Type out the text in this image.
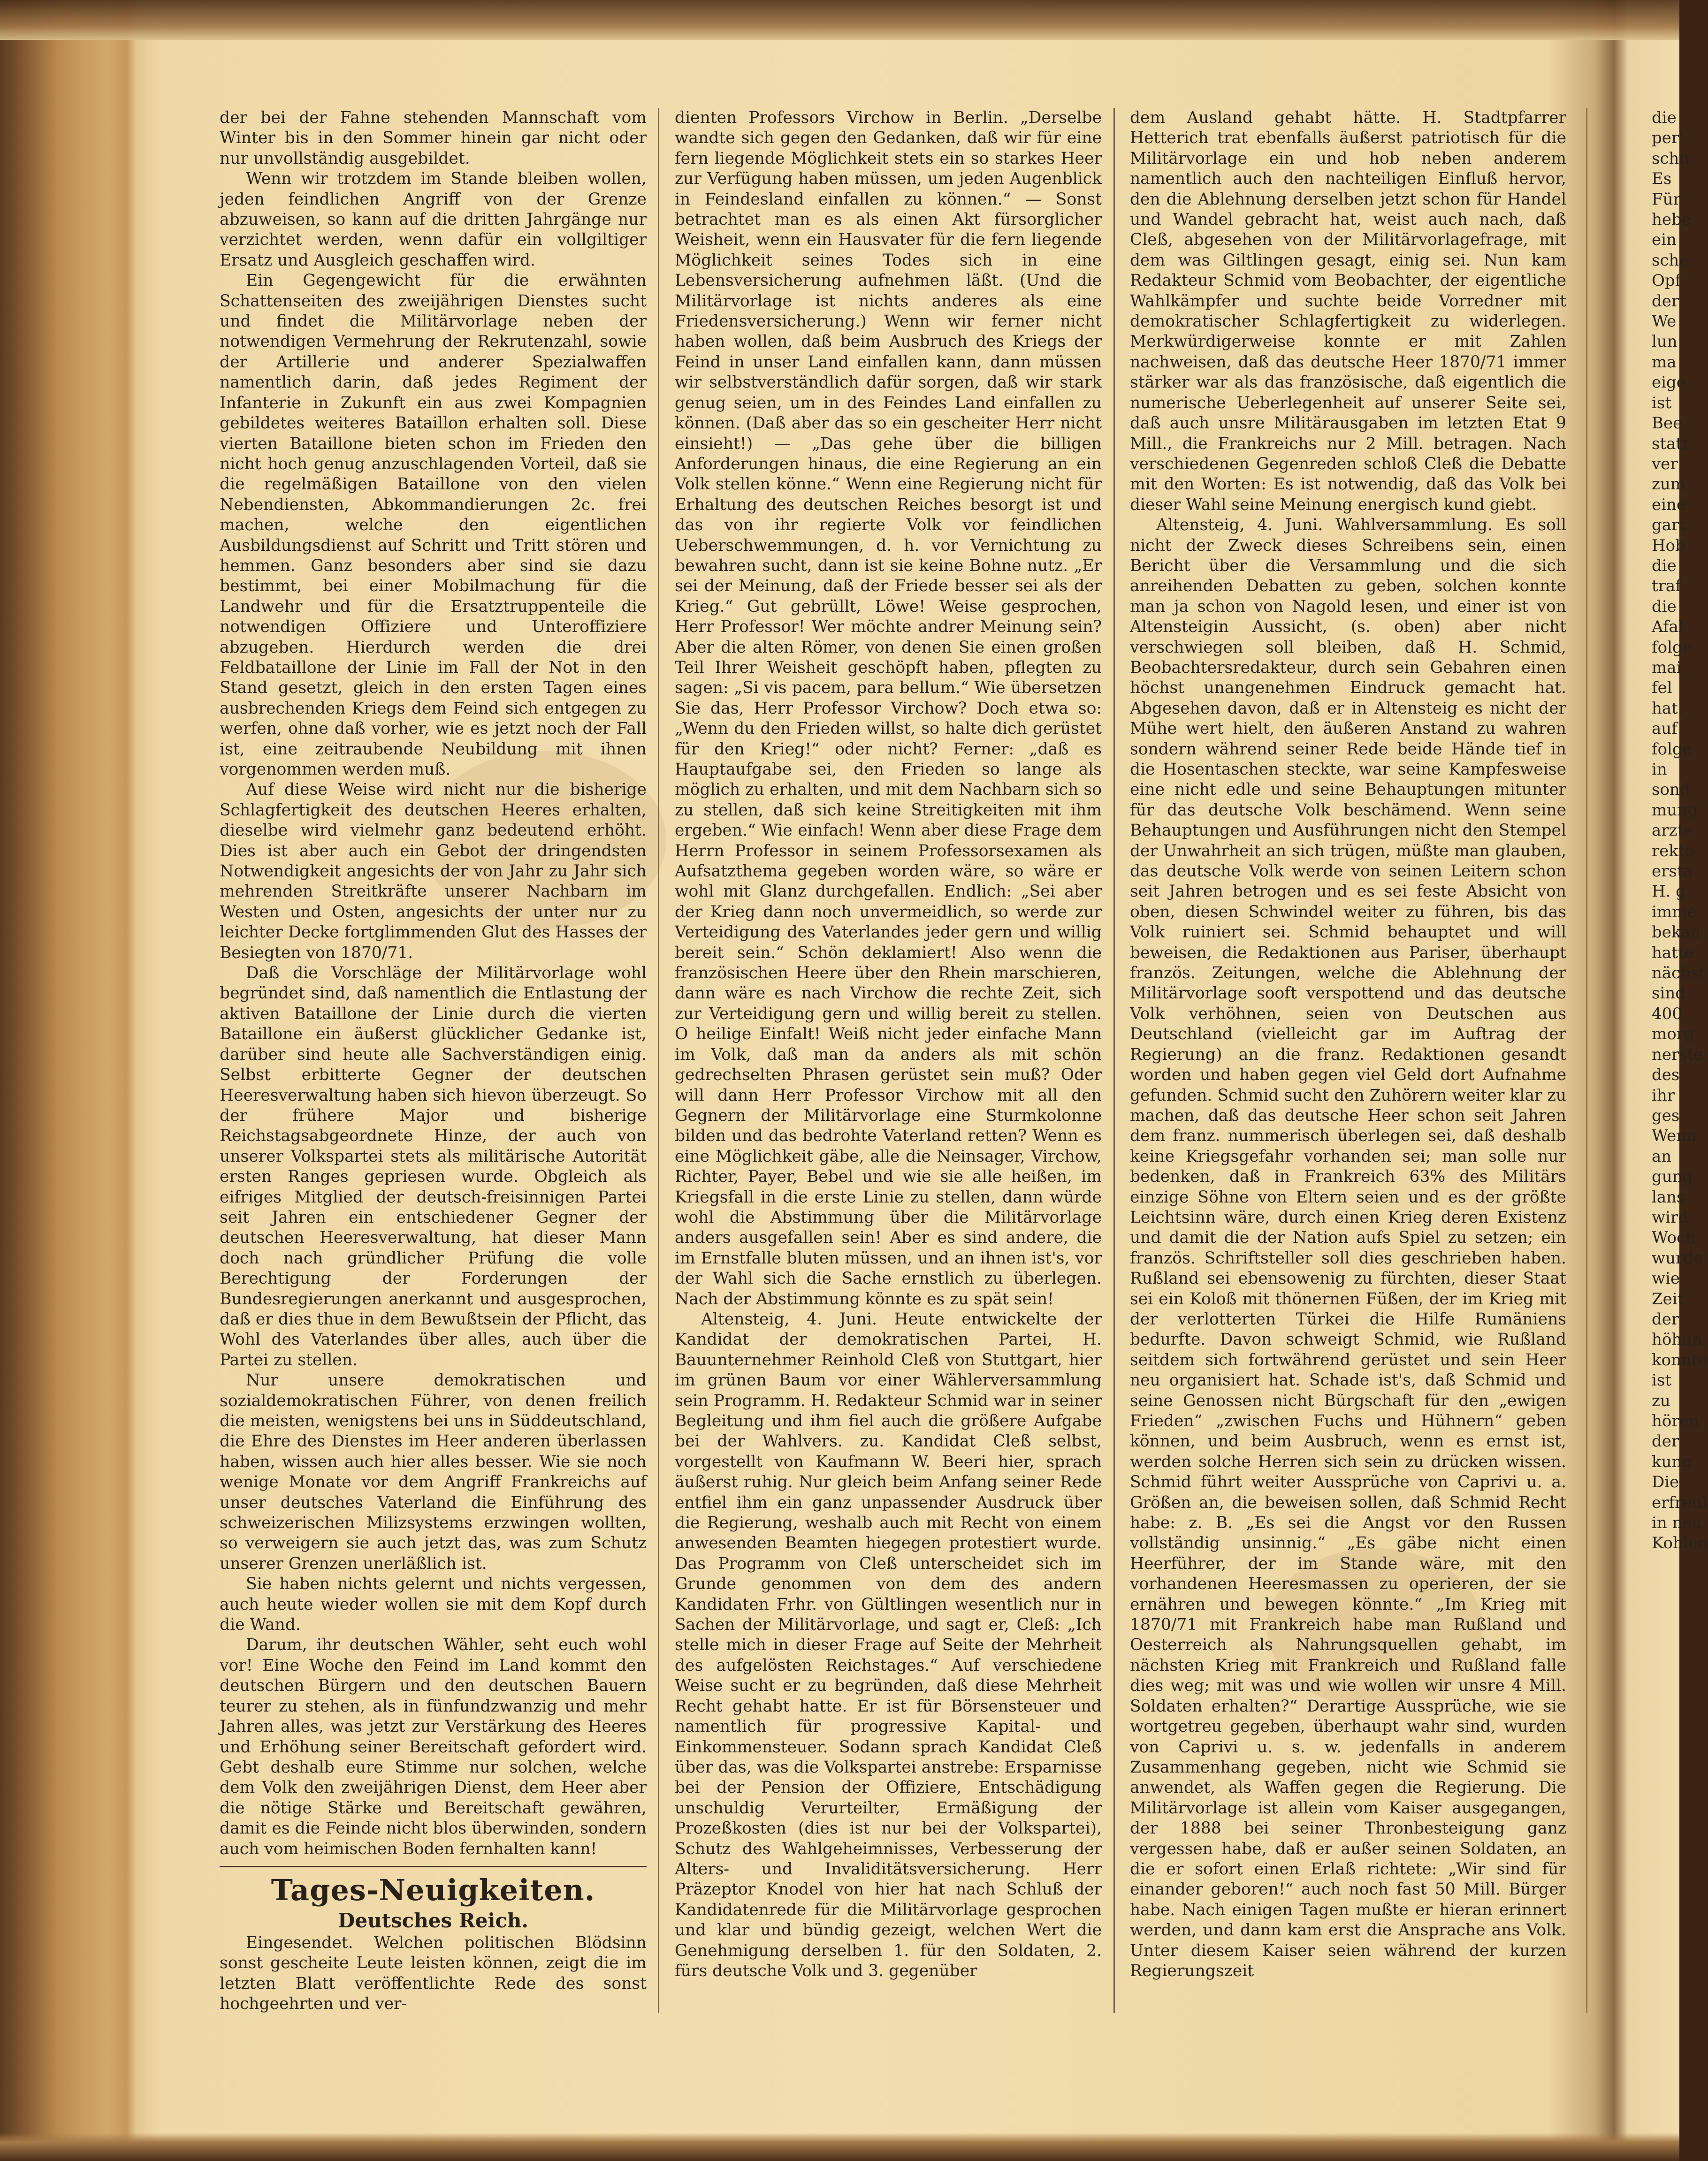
der bei der Fahne stehenden Mannschaft vom Winter bis in den Sommer hinein gar nicht oder nur unvollständig ausgebildet.

Wenn wir trotzdem im Stande bleiben wollen, jeden feindlichen Angriff von der Grenze abzuweisen, so kann auf die dritten Jahrgänge nur verzichtet werden, wenn dafür ein vollgiltiger Ersatz und Ausgleich geschaffen wird.

Ein Gegengewicht für die erwähnten Schattenseiten des zweijährigen Dienstes sucht und findet die Militärvorlage neben der notwendigen Vermehrung der Rekrutenzahl, sowie der Artillerie und anderer Spezialwaffen namentlich darin, daß jedes Regiment der Infanterie in Zukunft ein aus zwei Kompagnien gebildetes weiteres Bataillon erhalten soll. Diese vierten Bataillone bieten schon im Frieden den nicht hoch genug anzuschlagenden Vorteil, daß sie die regelmäßigen Bataillone von den vielen Nebendiensten, Abkommandierungen 2c. frei machen, welche den eigentlichen Ausbildungsdienst auf Schritt und Tritt stören und hemmen. Ganz besonders aber sind sie dazu bestimmt, bei einer Mobilmachung für die Landwehr und für die Ersatztruppenteile die notwendigen Offiziere und Unteroffiziere abzugeben. Hierdurch werden die drei Feldbataillone der Linie im Fall der Not in den Stand gesetzt, gleich in den ersten Tagen eines ausbrechenden Kriegs dem Feind sich entgegen zu werfen, ohne daß vorher, wie es jetzt noch der Fall ist, eine zeitraubende Neubildung mit ihnen vorgenommen werden muß.

Auf diese Weise wird nicht nur die bisherige Schlagfertigkeit des deutschen Heeres erhalten, dieselbe wird vielmehr ganz bedeutend erhöht. Dies ist aber auch ein Gebot der dringendsten Notwendigkeit angesichts der von Jahr zu Jahr sich mehrenden Streitkräfte unserer Nachbarn im Westen und Osten, angesichts der unter nur zu leichter Decke fortglimmenden Glut des Hasses der Besiegten von 1870/71.

Daß die Vorschläge der Militärvorlage wohl begründet sind, daß namentlich die Entlastung der aktiven Bataillone der Linie durch die vierten Bataillone ein äußerst glücklicher Gedanke ist, darüber sind heute alle Sachverständigen einig. Selbst erbitterte Gegner der deutschen Heeresverwaltung haben sich hievon überzeugt. So der frühere Major und bisherige Reichstagsabgeordnete Hinze, der auch von unserer Volkspartei stets als militärische Autorität ersten Ranges gepriesen wurde. Obgleich als eifriges Mitglied der deutsch-freisinnigen Partei seit Jahren ein entschiedener Gegner der deutschen Heeresverwaltung, hat dieser Mann doch nach gründlicher Prüfung die volle Berechtigung der Forderungen der Bundesregierungen anerkannt und ausgesprochen, daß er dies thue in dem Bewußtsein der Pflicht, das Wohl des Vaterlandes über alles, auch über die Partei zu stellen.

Nur unsere demokratischen und sozialdemokratischen Führer, von denen freilich die meisten, wenigstens bei uns in Süddeutschland, die Ehre des Dienstes im Heer anderen überlassen haben, wissen auch hier alles besser. Wie sie noch wenige Monate vor dem Angriff Frankreichs auf unser deutsches Vaterland die Einführung des schweizerischen Milizsystems erzwingen wollten, so verweigern sie auch jetzt das, was zum Schutz unserer Grenzen unerläßlich ist.

Sie haben nichts gelernt und nichts vergessen, auch heute wieder wollen sie mit dem Kopf durch die Wand.

Darum, ihr deutschen Wähler, seht euch wohl vor! Eine Woche den Feind im Land kommt den deutschen Bürgern und den deutschen Bauern teurer zu stehen, als in fünfundzwanzig und mehr Jahren alles, was jetzt zur Verstärkung des Heeres und Erhöhung seiner Bereitschaft gefordert wird. Gebt deshalb eure Stimme nur solchen, welche dem Volk den zweijährigen Dienst, dem Heer aber die nötige Stärke und Bereitschaft gewähren, damit es die Feinde nicht blos überwinden, sondern auch vom heimischen Boden fernhalten kann!

Tages-Neuigkeiten.

Deutsches Reich.

Eingesendet. Welchen politischen Blödsinn sonst gescheite Leute leisten können, zeigt die im letzten Blatt veröffentlichte Rede des sonst hochgeehrten und ver-

dienten Professors Virchow in Berlin. „Derselbe wandte sich gegen den Gedanken, daß wir für eine fern liegende Möglichkeit stets ein so starkes Heer zur Verfügung haben müssen, um jeden Augenblick in Feindesland einfallen zu können.“ — Sonst betrachtet man es als einen Akt fürsorglicher Weisheit, wenn ein Hausvater für die fern liegende Möglichkeit seines Todes sich in eine Lebensversicherung aufnehmen läßt. (Und die Militärvorlage ist nichts anderes als eine Friedensversicherung.) Wenn wir ferner nicht haben wollen, daß beim Ausbruch des Kriegs der Feind in unser Land einfallen kann, dann müssen wir selbstverständlich dafür sorgen, daß wir stark genug seien, um in des Feindes Land einfallen zu können. (Daß aber das so ein gescheiter Herr nicht einsieht!) — „Das gehe über die billigen Anforderungen hinaus, die eine Regierung an ein Volk stellen könne.“ Wenn eine Regierung nicht für Erhaltung des deutschen Reiches besorgt ist und das von ihr regierte Volk vor feindlichen Ueberschwemmungen, d. h. vor Vernichtung zu bewahren sucht, dann ist sie keine Bohne nutz. „Er sei der Meinung, daß der Friede besser sei als der Krieg.“ Gut gebrüllt, Löwe! Weise gesprochen, Herr Professor! Wer möchte andrer Meinung sein? Aber die alten Römer, von denen Sie einen großen Teil Ihrer Weisheit geschöpft haben, pflegten zu sagen: „Si vis pacem, para bellum.“ Wie übersetzen Sie das, Herr Professor Virchow? Doch etwa so: „Wenn du den Frieden willst, so halte dich gerüstet für den Krieg!“ oder nicht? Ferner: „daß es Hauptaufgabe sei, den Frieden so lange als möglich zu erhalten, und mit dem Nachbarn sich so zu stellen, daß sich keine Streitigkeiten mit ihm ergeben.“ Wie einfach! Wenn aber diese Frage dem Herrn Professor in seinem Professorsexamen als Aufsatzthema gegeben worden wäre, so wäre er wohl mit Glanz durchgefallen. Endlich: „Sei aber der Krieg dann noch unvermeidlich, so werde zur Verteidigung des Vaterlandes jeder gern und willig bereit sein.“ Schön deklamiert! Also wenn die französischen Heere über den Rhein marschieren, dann wäre es nach Virchow die rechte Zeit, sich zur Verteidigung gern und willig bereit zu stellen. O heilige Einfalt! Weiß nicht jeder einfache Mann im Volk, daß man da anders als mit schön gedrechselten Phrasen gerüstet sein muß? Oder will dann Herr Professor Virchow mit all den Gegnern der Militärvorlage eine Sturmkolonne bilden und das bedrohte Vaterland retten? Wenn es eine Möglichkeit gäbe, alle die Neinsager, Virchow, Richter, Payer, Bebel und wie sie alle heißen, im Kriegsfall in die erste Linie zu stellen, dann würde wohl die Abstimmung über die Militärvorlage anders ausgefallen sein! Aber es sind andere, die im Ernstfalle bluten müssen, und an ihnen ist's, vor der Wahl sich die Sache ernstlich zu überlegen. Nach der Abstimmung könnte es zu spät sein!

Altensteig, 4. Juni. Heute entwickelte der Kandidat der demokratischen Partei, H. Bauunternehmer Reinhold Cleß von Stuttgart, hier im grünen Baum vor einer Wählerversammlung sein Programm. H. Redakteur Schmid war in seiner Begleitung und ihm fiel auch die größere Aufgabe bei der Wahlvers. zu. Kandidat Cleß selbst, vorgestellt von Kaufmann W. Beeri hier, sprach äußerst ruhig. Nur gleich beim Anfang seiner Rede entfiel ihm ein ganz unpassender Ausdruck über die Regierung, weshalb auch mit Recht von einem anwesenden Beamten hiegegen protestiert wurde. Das Programm von Cleß unterscheidet sich im Grunde genommen von dem des andern Kandidaten Frhr. von Gültlingen wesentlich nur in Sachen der Militärvorlage, und sagt er, Cleß: „Ich stelle mich in dieser Frage auf Seite der Mehrheit des aufgelösten Reichstages.“ Auf verschiedene Weise sucht er zu begründen, daß diese Mehrheit Recht gehabt hatte. Er ist für Börsensteuer und namentlich für progressive Kapital- und Einkommensteuer. Sodann sprach Kandidat Cleß über das, was die Volkspartei anstrebe: Ersparnisse bei der Pension der Offiziere, Entschädigung unschuldig Verurteilter, Ermäßigung der Prozeßkosten (dies ist nur bei der Volkspartei), Schutz des Wahlgeheimnisses, Verbesserung der Alters- und Invaliditätsversicherung. Herr Präzeptor Knodel von hier hat nach Schluß der Kandidatenrede für die Militärvorlage gesprochen und klar und bündig gezeigt, welchen Wert die Genehmigung derselben 1. für den Soldaten, 2. fürs deutsche Volk und 3. gegenüber

dem Ausland gehabt hätte. H. Stadtpfarrer Hetterich trat ebenfalls äußerst patriotisch für die Militärvorlage ein und hob neben anderem namentlich auch den nachteiligen Einfluß hervor, den die Ablehnung derselben jetzt schon für Handel und Wandel gebracht hat, weist auch nach, daß Cleß, abgesehen von der Militärvorlagefrage, mit dem was Giltlingen gesagt, einig sei. Nun kam Redakteur Schmid vom Beobachter, der eigentliche Wahlkämpfer und suchte beide Vorredner mit demokratischer Schlagfertigkeit zu widerlegen. Merkwürdigerweise konnte er mit Zahlen nachweisen, daß das deutsche Heer 1870/71 immer stärker war als das französische, daß eigentlich die numerische Ueberlegenheit auf unserer Seite sei, daß auch unsre Militärausgaben im letzten Etat 9 Mill., die Frankreichs nur 2 Mill. betragen. Nach verschiedenen Gegenreden schloß Cleß die Debatte mit den Worten: Es ist notwendig, daß das Volk bei dieser Wahl seine Meinung energisch kund giebt.

Altensteig, 4. Juni. Wahlversammlung. Es soll nicht der Zweck dieses Schreibens sein, einen Bericht über die Versammlung und die sich anreihenden Debatten zu geben, solchen konnte man ja schon von Nagold lesen, und einer ist von Altensteigin Aussicht, (s. oben) aber nicht verschwiegen soll bleiben, daß H. Schmid, Beobachtersredakteur, durch sein Gebahren einen höchst unangenehmen Eindruck gemacht hat. Abgesehen davon, daß er in Altensteig es nicht der Mühe wert hielt, den äußeren Anstand zu wahren sondern während seiner Rede beide Hände tief in die Hosentaschen steckte, war seine Kampfesweise eine nicht edle und seine Behauptungen mitunter für das deutsche Volk beschämend. Wenn seine Behauptungen und Ausführungen nicht den Stempel der Unwahrheit an sich trügen, müßte man glauben, das deutsche Volk werde von seinen Leitern schon seit Jahren betrogen und es sei feste Absicht von oben, diesen Schwindel weiter zu führen, bis das Volk ruiniert sei. Schmid behauptet und will beweisen, die Redaktionen aus Pariser, überhaupt französ. Zeitungen, welche die Ablehnung der Militärvorlage sooft verspottend und das deutsche Volk verhöhnen, seien von Deutschen aus Deutschland (vielleicht gar im Auftrag der Regierung) an die franz. Redaktionen gesandt worden und haben gegen viel Geld dort Aufnahme gefunden. Schmid sucht den Zuhörern weiter klar zu machen, daß das deutsche Heer schon seit Jahren dem franz. nummerisch überlegen sei, daß deshalb keine Kriegsgefahr vorhanden sei; man solle nur bedenken, daß in Frankreich 63% des Militärs einzige Söhne von Eltern seien und es der größte Leichtsinn wäre, durch einen Krieg deren Existenz und damit die der Nation aufs Spiel zu setzen; ein französ. Schriftsteller soll dies geschrieben haben. Rußland sei ebensowenig zu fürchten, dieser Staat sei ein Koloß mit thönernen Füßen, der im Krieg mit der verlotterten Türkei die Hilfe Rumäniens bedurfte. Davon schweigt Schmid, wie Rußland seitdem sich fortwährend gerüstet und sein Heer neu organisiert hat. Schade ist's, daß Schmid und seine Genossen nicht Bürgschaft für den „ewigen Frieden“ „zwischen Fuchs und Hühnern“ geben können, und beim Ausbruch, wenn es ernst ist, werden solche Herren sich sein zu drücken wissen. Schmid führt weiter Aussprüche von Caprivi u. a. Größen an, die beweisen sollen, daß Schmid Recht habe: z. B. „Es sei die Angst vor den Russen vollständig unsinnig.“ „Es gäbe nicht einen Heerführer, der im Stande wäre, mit den vorhandenen Heeresmassen zu operieren, der sie ernähren und bewegen könnte.“ „Im Krieg mit 1870/71 mit Frankreich habe man Rußland und Oesterreich als Nahrungsquellen gehabt, im nächsten Krieg mit Frankreich und Rußland falle dies weg; mit was und wie wollen wir unsre 4 Mill. Soldaten erhalten?“ Derartige Aussprüche, wie sie wortgetreu gegeben, überhaupt wahr sind, wurden von Caprivi u. s. w. jedenfalls in anderem Zusammenhang gegeben, nicht wie Schmid sie anwendet, als Waffen gegen die Regierung. Die Militärvorlage ist allein vom Kaiser ausgegangen, der 1888 bei seiner Thronbesteigung ganz vergessen habe, daß er außer seinen Soldaten, an die er sofort einen Erlaß richtete: „Wir sind für einander geboren!“ auch noch fast 50 Mill. Bürger habe. Nach einigen Tagen mußte er hieran erinnert werden, und dann kam erst die Ansprache ans Volk. Unter diesem Kaiser seien während der kurzen Regierungszeit

die
perl
schn
Es
Für
hebe
ein
sche
Opf
der
We
lun
ma
eige
ist
Bee
statt
ver
zum
eine
gart
Hob
die
traf
die
Afal
folge
mai
fel
hat.
auf
folge
in
sond
mung
arzte
rekto
ersta
H. g
imme
bekan
hatte
nächst
sind
400
morg
nerste
des
ihr
ges
Wenn
an
gung
lans
wird
Woch
wurde
wie
Zeit
der
höhun
konnte
ist
zu
hören
der
kung
Die
erfreul
in neu
Kohlen
